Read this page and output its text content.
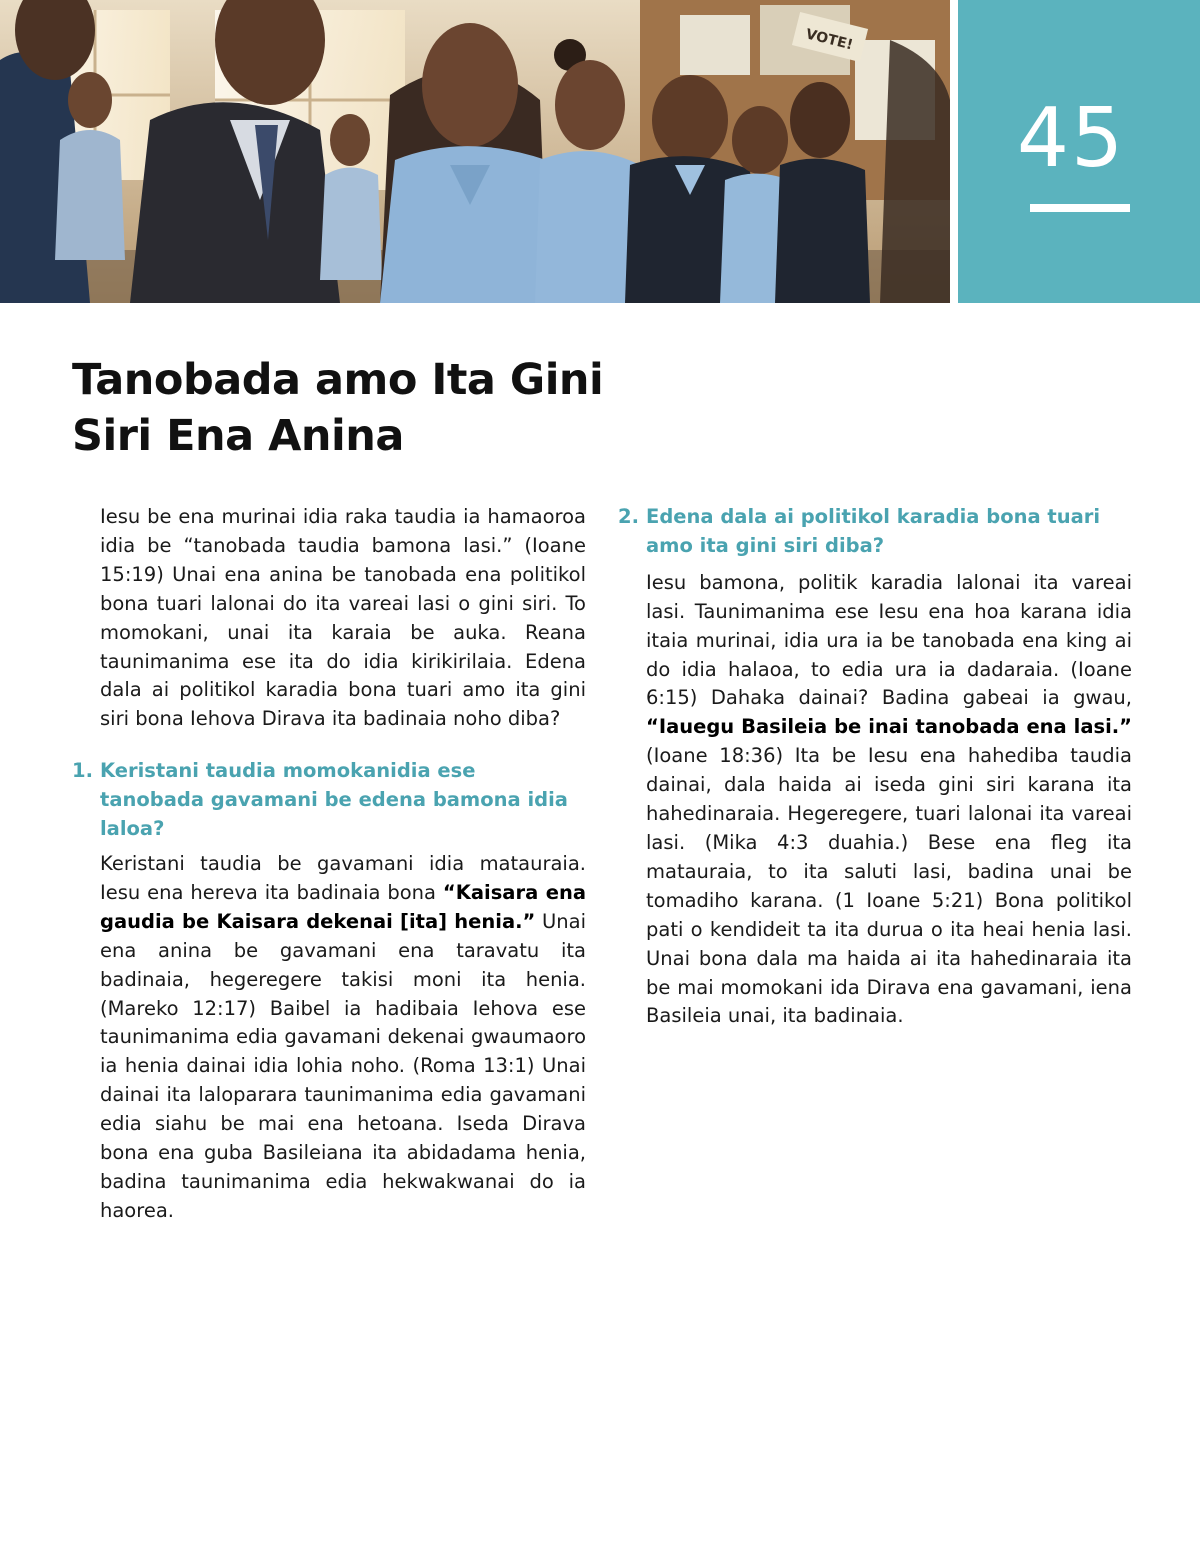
VOTE!
45
Tanobada amo Ita Gini
Siri Ena Anina

Iesu be ena murinai idia raka taudia ia hamaoroa idia be “tanobada taudia bamona lasi.” (Ioane 15:19) Unai ena anina be tanobada ena politikol bona tuari lalonai do ita vareai lasi o gini siri. To momokani, unai ita karaia be auka. Reana taunimanima ese ita do idia kirikirilaia. Edena dala ai politikol karadia bona tuari amo ita gini siri bona Iehova Dirava ita badinaia noho diba?

1. Keristani taudia momokanidia ese tanobada gavamani be edena bamona idia laloa?

Keristani taudia be gavamani idia matauraia. Iesu ena hereva ita badinaia bona “Kaisara ena gaudia be Kaisara dekenai [ita] henia.” Unai ena anina be gavamani ena taravatu ita badinaia, hegeregere takisi moni ita henia. (Mareko 12:17) Baibel ia hadibaia Iehova ese taunimanima edia gavamani dekenai gwaumaoro ia henia dainai idia lohia noho. (Roma 13:1) Unai dainai ita laloparara taunimanima edia gavamani edia siahu be mai ena hetoana. Iseda Dirava bona ena guba Basileiana ita abidadama henia, badina taunimanima edia hekwakwanai do ia haorea.

2. Edena dala ai politikol karadia bona tuari amo ita gini siri diba?

Iesu bamona, politik karadia lalonai ita vareai lasi. Taunimanima ese Iesu ena hoa karana idia itaia murinai, idia ura ia be tanobada ena king ai do idia halaoa, to edia ura ia dadaraia. (Ioane 6:15) Dahaka dainai? Badina gabeai ia gwau, “Iauegu Basileia be inai tanobada ena lasi.” (Ioane 18:36) Ita be Iesu ena hahediba taudia dainai, dala haida ai iseda gini siri karana ita hahedinaraia. Hegeregere, tuari lalonai ita vareai lasi. (Mika 4:3 duahia.) Bese ena fleg ita matauraia, to ita saluti lasi, badina unai be tomadiho karana. (1 Ioane 5:21) Bona politikol pati o kendideit ta ita durua o ita heai henia lasi. Unai bona dala ma haida ai ita hahedinaraia ita be mai momokani ida Dirava ena gavamani, iena Basileia unai, ita badinaia.
